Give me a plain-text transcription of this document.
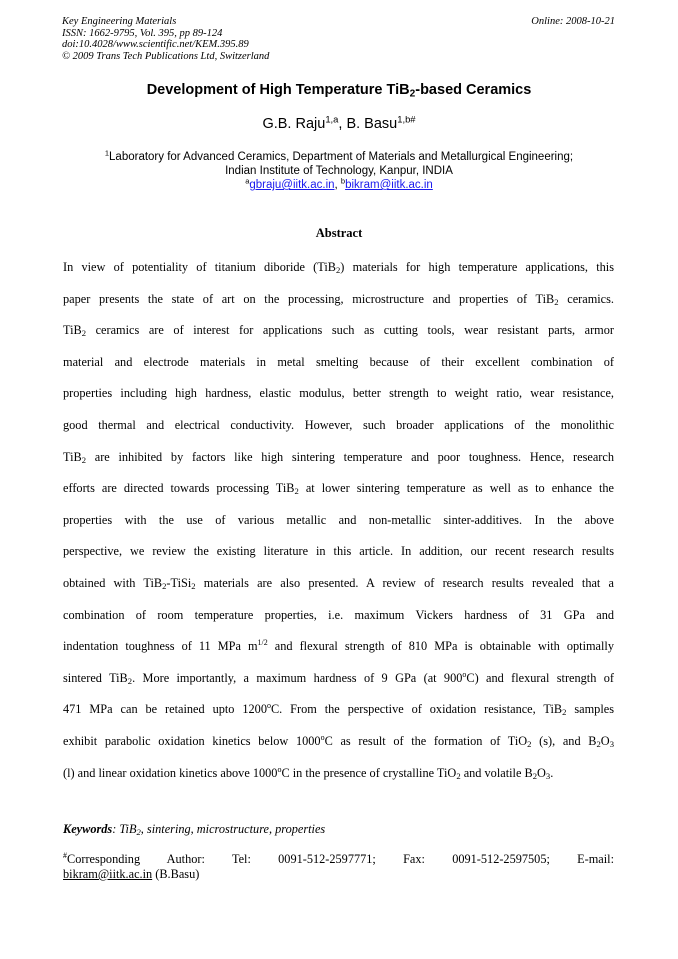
Key Engineering Materials
ISSN: 1662-9795, Vol. 395, pp 89-124
doi:10.4028/www.scientific.net/KEM.395.89
© 2009 Trans Tech Publications Ltd, Switzerland
Online: 2008-10-21
Development of High Temperature TiB$_2$-based Ceramics
G.B. Raju$^{1,a}$, B. Basu$^{1,b\#}$
$^1$Laboratory for Advanced Ceramics, Department of Materials and Metallurgical Engineering;
Indian Institute of Technology, Kanpur, INDIA
$^a$gbraju@iitk.ac.in, $^b$bikram@iitk.ac.in
Abstract
In view of potentiality of titanium diboride (TiB$_2$) materials for high temperature applications, this
paper presents the state of art on the processing, microstructure and properties of TiB$_2$ ceramics.
TiB$_2$ ceramics are of interest for applications such as cutting tools, wear resistant parts, armor
material and electrode materials in metal smelting because of their excellent combination of
properties including high hardness, elastic modulus, better strength to weight ratio, wear resistance,
good thermal and electrical conductivity. However, such broader applications of the monolithic
TiB$_2$ are inhibited by factors like high sintering temperature and poor toughness. Hence, research
efforts are directed towards processing TiB$_2$ at lower sintering temperature as well as to enhance the
properties with the use of various metallic and non-metallic sinter-additives. In the above
perspective, we review the existing literature in this article. In addition, our recent research results
obtained with TiB$_2$-TiSi$_2$ materials are also presented. A review of research results revealed that a
combination of room temperature properties, i.e. maximum Vickers hardness of 31 GPa and
indentation toughness of 11 MPa $m^{1/2}$ and flexural strength of 810 MPa is obtainable with optimally
sintered TiB$_2$. More importantly, a maximum hardness of 9 GPa (at 900$^o$C) and flexural strength of
471 MPa can be retained upto 1200$^o$C. From the perspective of oxidation resistance, TiB$_2$ samples
exhibit parabolic oxidation kinetics below 1000$^o$C as result of the formation of TiO$_2$ (s), and $B_2O_3$
(l) and linear oxidation kinetics above 1000$^o$C in the presence of crystalline TiO$_2$ and volatile $B_2O_3$.
Keywords: TiB$_2$, sintering, microstructure, properties
#Corresponding Author: Tel: 0091-512-2597771; Fax: 0091-512-2597505; E-mail:
bikram@iitk.ac.in (B.Basu)
